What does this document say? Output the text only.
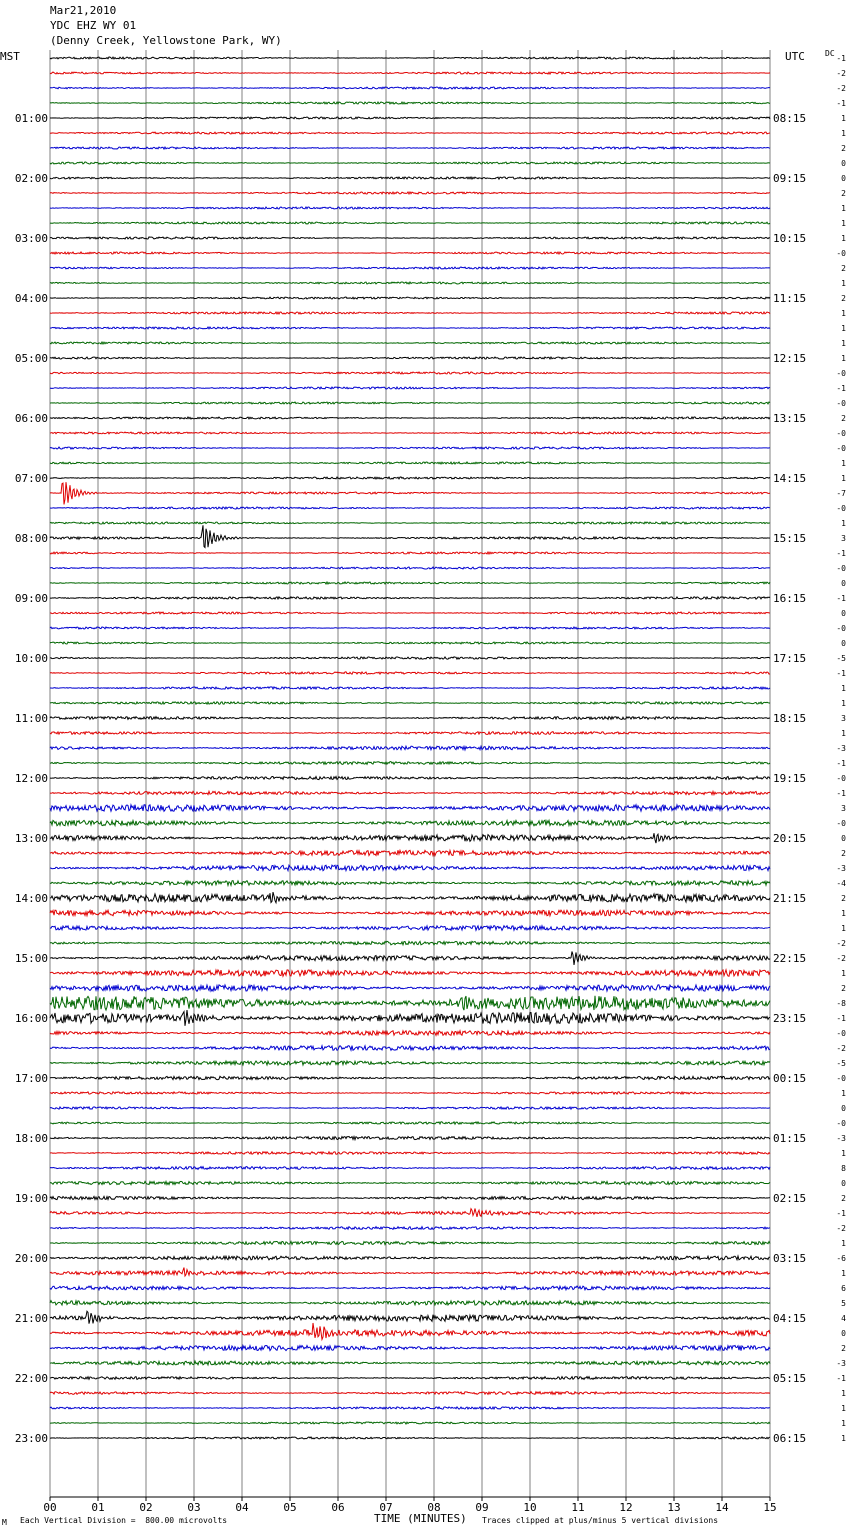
Mar21,2010
YDC EHZ WY 01
(Denny Creek, Yellowstone Park, WY)
MST	UTC	DC
00	01	02	03	04	05	06	07	08	09	10	11	12	13	14	15
-1
-2
-2
-1
1
1
2
0
0
2
1
1
1
-0
2
1
2
1
1
1
1
-0
-1
-0
2
-0
-0
1
1
-7
-0
1
3
-1
-0
0
-1
0
-0
0
-5
-1
1
1
3
1
-3
-1
-0
-1
3
-0
0
2
-3
-4
2
1
1
-2
-2
1
2
-8
-1
-0
-2
-5
-0
1
0
-0
-3
1
8
0
2
-1
-2
1
-6
1
6
5
4
0
2
-3
-1
1
1
1
1
01:00
02:00
03:00
04:00
05:00
06:00
07:00
08:00
09:00
10:00
11:00
12:00
13:00
14:00
15:00
16:00
17:00
18:00
19:00
20:00
21:00
22:00
23:00
08:15
09:15
10:15
11:15
12:15
13:15
14:15
15:15
16:15
17:15
18:15
19:15
20:15
21:15
22:15
23:15
00:15
01:15
02:15
03:15
04:15
05:15
06:15
M Each Vertical Division =  800.00 microvolts	TIME (MINUTES) Traces clipped at plus/minus 5 vertical divisions
